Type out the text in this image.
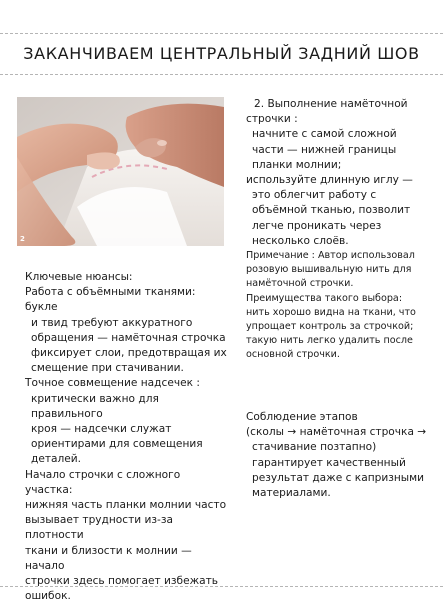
ЗАКАНЧИВАЕМ ЦЕНТРАЛЬНЫЙ ЗАДНИЙ ШОВ
2

2. Выполнение намёточной

строчки :

начните с самой сложной

части — нижней границы

планки молнии;

используйте длинную иглу —

это облегчит работу с

объёмной тканью, позволит

легче проникать через

несколько слоёв.

Примечание : Автор использовал

розовую вышивальную нить для

намёточной строчки.

Преимущества такого выбора:

нить хорошо видна на ткани, что

упрощает контроль за строчкой;

такую нить легко удалить после

основной строчки.

Ключевые нюансы:

Работа с объёмными тканями: букле

и твид требуют аккуратного

обращения — намёточная строчка

фиксирует слои, предотвращая их

смещение при стачивании.

Точное совмещение надсечек :

критически важно для правильного

кроя — надсечки служат

ориентирами для совмещения

деталей.

Начало строчки с сложного участка:

нижняя часть планки молнии часто

вызывает трудности из-за плотности

ткани и близости к молнии — начало

строчки здесь помогает избежать

ошибок.

Соблюдение этапов

(сколы → намёточная строчка →

стачивание позтапно)

гарантирует качественный

результат даже с капризными

материалами.
